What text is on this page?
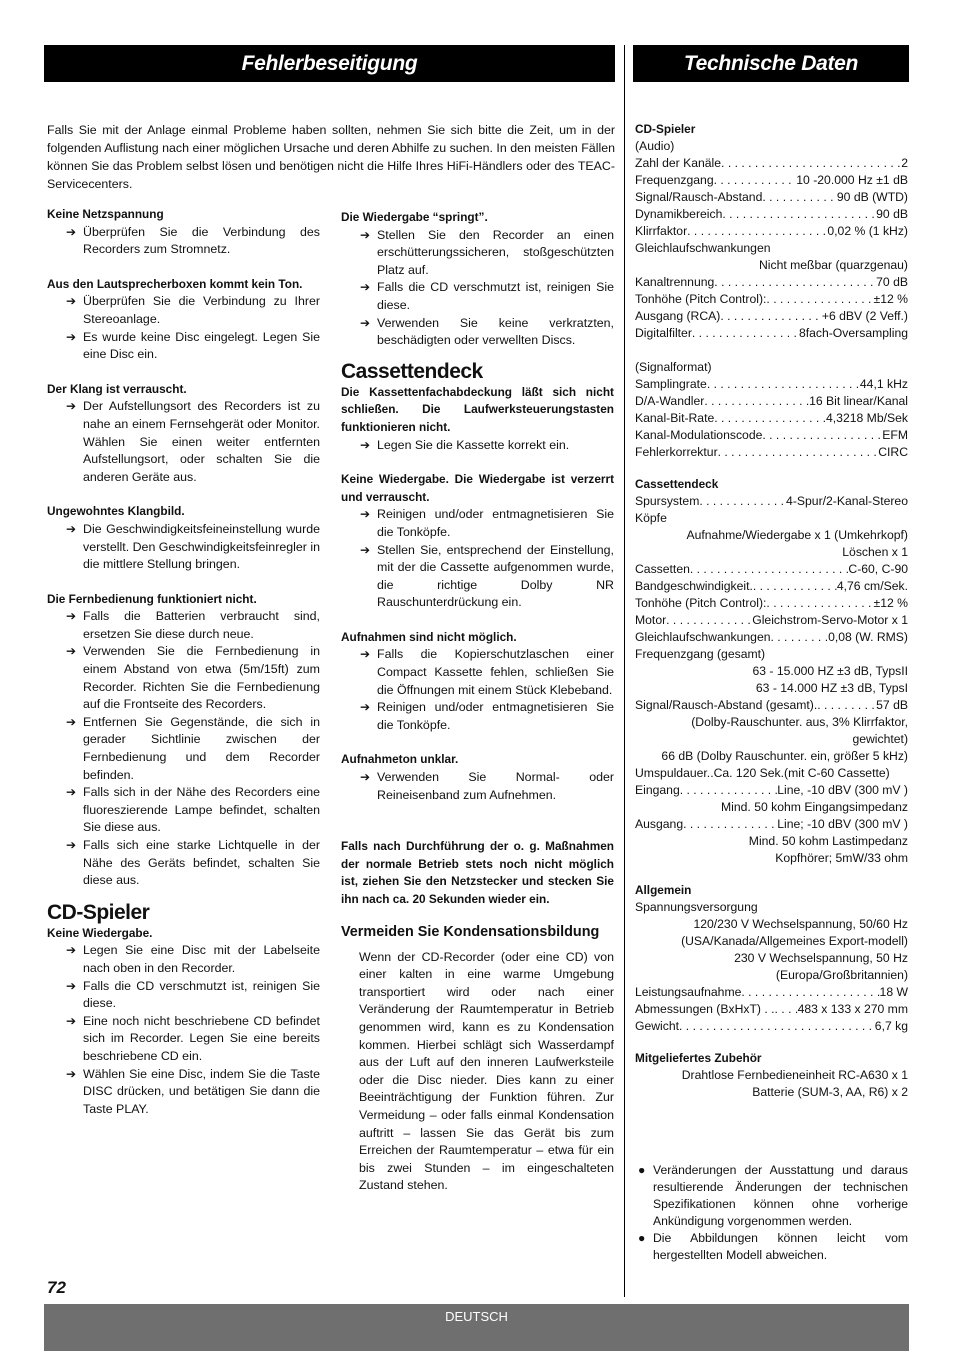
Fehlerbeseitigung	Technische Daten
Falls Sie mit der Anlage einmal Probleme haben sollten, nehmen Sie sich bitte die Zeit, um in der folgenden Auflistung nach einer möglichen Ursache und deren Abhilfe zu suchen. In den meisten Fällen können Sie das Problem selbst lösen und benötigen nicht die Hilfe Ihres HiFi-Händlers oder des TEAC-Servicecenters.
Keine Netzspannung
➔ Überprüfen Sie die Verbindung des Recorders zum Stromnetz.
Aus den Lautsprecherboxen kommt kein Ton.
➔ Überprüfen Sie die Verbindung zu Ihrer Stereoanlage.
➔ Es wurde keine Disc eingelegt. Legen Sie eine Disc ein.
Der Klang ist verrauscht.
➔ Der Aufstellungsort des Recorders ist zu nahe an einem Fernsehgerät oder Monitor. Wählen Sie einen weiter entfernten Aufstellungsort, oder schalten Sie die anderen Geräte aus.
Ungewohntes Klangbild.
➔ Die Geschwindigkeitsfeineinstellung wurde verstellt. Den Geschwindigkeitsfeinregler in die mittlere Stellung bringen.
Die Fernbedienung funktioniert nicht.
➔ Falls die Batterien verbraucht sind, ersetzen Sie diese durch neue.
➔ Verwenden Sie die Fernbedienung in einem Abstand von etwa (5m/15ft) zum Recorder. Richten Sie die Fernbedienung auf die Frontseite des Recorders.
➔ Entfernen Sie Gegenstände, die sich in gerader Sichtlinie zwischen der Fernbedienung und dem Recorder befinden.
➔ Falls sich in der Nähe des Recorders eine fluoreszierende Lampe befindet, schalten Sie diese aus.
➔ Falls sich eine starke Lichtquelle in der Nähe des Geräts befindet, schalten Sie diese aus.
CD-Spieler
Keine Wiedergabe.
➔ Legen Sie eine Disc mit der Labelseite nach oben in den Recorder.
➔ Falls die CD verschmutzt ist, reinigen Sie diese.
➔ Eine noch nicht beschriebene CD befindet sich im Recorder. Legen Sie eine bereits beschriebene CD ein.
➔ Wählen Sie eine Disc, indem Sie die Taste DISC drücken, und betätigen Sie dann die Taste PLAY.
Die Wiedergabe “springt”.
➔ Stellen Sie den Recorder an einen erschütterungssicheren, stoßgeschützten Platz auf.
➔ Falls die CD verschmutzt ist, reinigen Sie diese.
➔ Verwenden Sie keine verkratzten, beschädigten oder verwellten Discs.
Cassettendeck
Die Kassettenfachabdeckung läßt sich nicht schließen. Die Laufwerksteuerungstasten funktionieren nicht.
➔ Legen Sie die Kassette korrekt ein.
Keine Wiedergabe. Die Wiedergabe ist verzerrt und verrauscht.
➔ Reinigen und/oder entmagnetisieren Sie die Tonköpfe.
➔ Stellen Sie, entsprechend der Einstellung, mit der die Cassette aufgenommen wurde, die richtige Dolby NR Rauschunterdrückung ein.
Aufnahmen sind nicht möglich.
➔ Falls die Kopierschutzlaschen einer Compact Kassette fehlen, schließen Sie die Öffnungen mit einem Stück Klebeband.
➔ Reinigen und/oder entmagnetisieren Sie die Tonköpfe.
Aufnahmeton unklar.
➔ Verwenden Sie Normal- oder Reineisenband zum Aufnehmen.
Falls nach Durchführung der o. g. Maßnahmen der normale Betrieb stets noch nicht möglich ist, ziehen Sie den Netzstecker und stecken Sie ihn nach ca. 20 Sekunden wieder ein.
Vermeiden Sie Kondensationsbildung
Wenn der CD-Recorder (oder eine CD) von einer kalten in eine warme Umgebung transportiert wird oder nach einer Veränderung der Raumtemperatur in Betrieb genommen wird, kann es zu Kondensation kommen. Hierbei schlägt sich Wasserdampf aus der Luft auf den inneren Laufwerksteile oder die Disc nieder. Dies kann zu einer Beeinträchtigung der Funktion führen. Zur Vermeidung – oder falls einmal Kondensation auftritt – lassen Sie das Gerät bis zum Erreichen der Raumtemperatur – etwa für ein bis zwei Stunden – im eingeschalteten Zustand stehen.
CD-Spieler
(Audio)
Zahl der Kanäle . . .	2
Frequenzgang . . .	10 -20.000 Hz ±1 dB
Signal/Rausch-Abstand . . .	90 dB (WTD)
Dynamikbereich . . .	90 dB
Klirrfaktor . . .	0,02 % (1 kHz)
Gleichlaufschwankungen
Nicht meßbar (quarzgenau)
Kanaltrennung . . .	70 dB
Tonhöhe (Pitch Control): . . .	±12 %
Ausgang (RCA) . . .	+6 dBV (2 Veff.)
Digitalfilter . . .	8fach-Oversampling
(Signalformat)
Samplingrate . . .	44,1 kHz
D/A-Wandler . . .	16 Bit linear/Kanal
Kanal-Bit-Rate . . .	4,3218 Mb/Sek
Kanal-Modulationscode . . .	EFM
Fehlerkorrektur . . .	CIRC
Cassettendeck
Spursystem . . .	4-Spur/2-Kanal-Stereo
Köpfe
Aufnahme/Wiedergabe x 1 (Umkehrkopf)
Löschen x 1
Cassetten . . .	C-60, C-90
Bandgeschwindigkeit. . . .	4,76 cm/Sek.
Tonhöhe (Pitch Control): . . .	±12 %
Motor . . .	Gleichstrom-Servo-Motor x 1
Gleichlaufschwankungen . . .	0,08 (W. RMS)
Frequenzgang (gesamt)
63 - 15.000 HZ ±3 dB, TypsII
63 - 14.000 HZ ±3 dB, TypsI
Signal/Rausch-Abstand (gesamt). . . .	57 dB
(Dolby-Rauschunter. aus, 3% Klirrfaktor,
gewichtet)
66 dB (Dolby Rauschunter. ein, größer 5 kHz)
Umspuldauer..Ca. 120 Sek.(mit C-60 Cassette)
Eingang . . .	Line, -10 dBV (300 mV )
Mind. 50 kohm Eingangsimpedanz
Ausgang . . .	Line; -10 dBV (300 mV )
Mind. 50 kohm Lastimpedanz
Kopfhörer; 5mW/33 ohm
Allgemein
Spannungsversorgung
120/230 V Wechselspannung, 50/60 Hz
(USA/Kanada/Allgemeines Export-modell)
230 V Wechselspannung, 50 Hz
(Europa/Großbritannien)
Leistungsaufnahme . . .	18 W
Abmessungen (BxHxT) . . . . . 483 x 133 x 270 mm
Gewicht . . .	6,7 kg
Mitgeliefertes Zubehör
Drahtlose Fernbedieneinheit RC-A630 x 1
Batterie (SUM-3, AA, R6) x 2
● Veränderungen der Ausstattung und daraus resultierende Änderungen der technischen Spezifikationen können ohne vorherige Ankündigung vorgenommen werden.
● Die Abbildungen können leicht vom hergestellten Modell abweichen.
72
DEUTSCH
